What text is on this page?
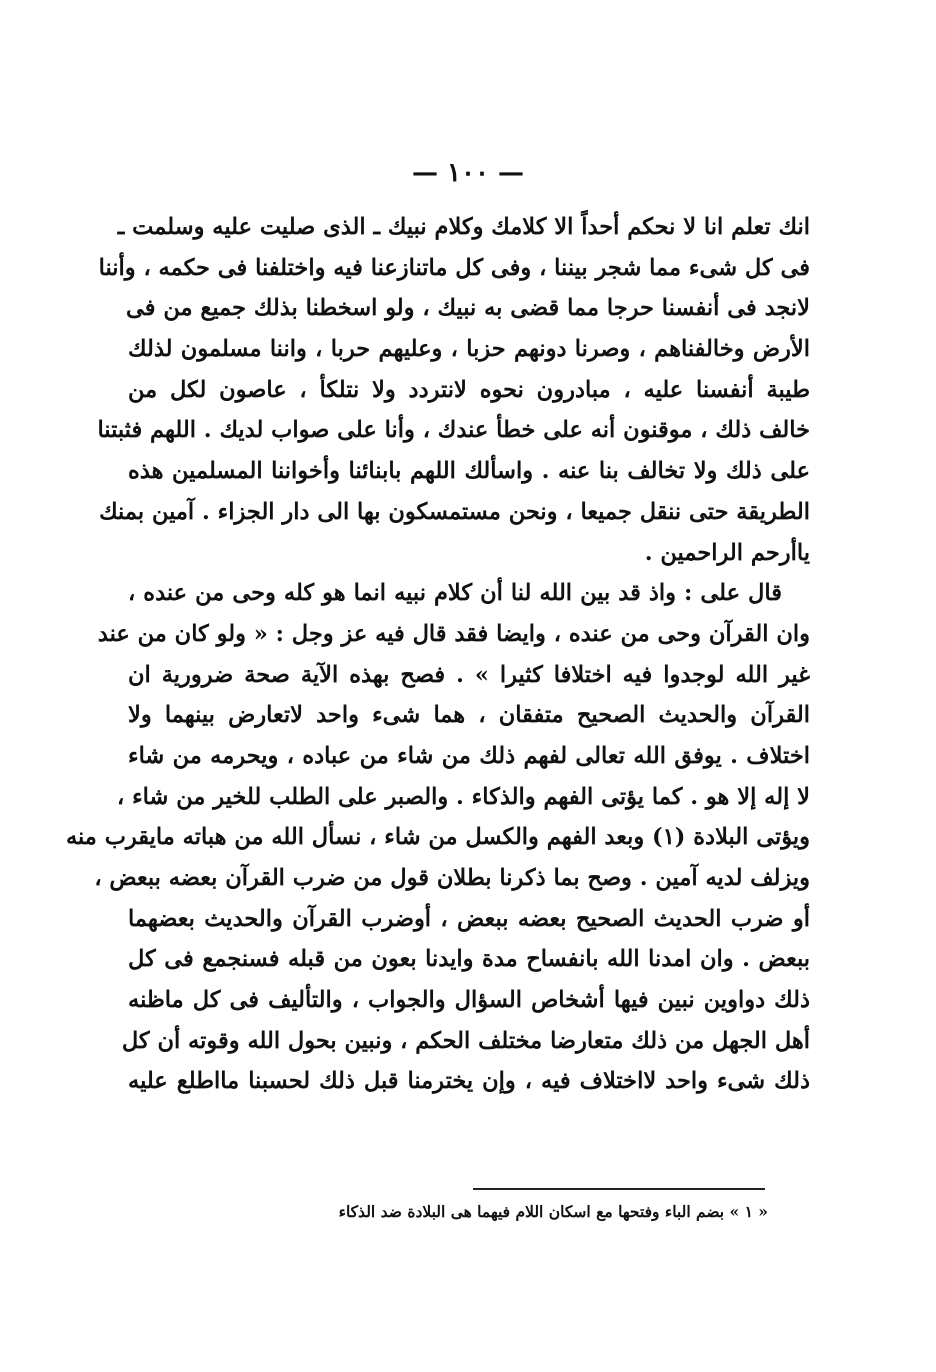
— ١٠٠ —
انك تعلم انا لا نحكم أحداً الا كلامك وكلام نبيك ـ الذى صليت عليه وسلمت ـ
فى كل شىء مما شجر بيننا ، وفى كل ماتنازعنا فيه واختلفنا فى حكمه ، وأننا
لانجد فى أنفسنا حرجا مما قضى به نبيك ، ولو اسخطنا بذلك جميع من فى
الأرض وخالفناهم ، وصرنا دونهم حزبا ، وعليهم حربا ، واننا مسلمون لذلك
طيبة أنفسنا عليه ، مبادرون نحوه لانتردد ولا نتلكأ ، عاصون لكل من
خالف ذلك ، موقنون أنه على خطأ عندك ، وأنا على صواب لديك . اللهم فثبتنا
على ذلك ولا تخالف بنا عنه . واسألك اللهم بابنائنا وأخواننا المسلمين هذه
الطريقة حتى ننقل جميعا ، ونحن مستمسكون بها الى دار الجزاء . آمين بمنك
ياأرحم الراحمين .
قال على : واذ قد بين الله لنا أن كلام نبيه انما هو كله وحى من عنده ،
وان القرآن وحى من عنده ، وايضا فقد قال فيه عز وجل : « ولو كان من عند
غير الله لوجدوا فيه اختلافا كثيرا » . فصح بهذه الآية صحة ضرورية ان
القرآن والحديث الصحيح متفقان ، هما شىء واحد لاتعارض بينهما ولا
اختلاف . يوفق الله تعالى لفهم ذلك من شاء من عباده ، ويحرمه من شاء
لا إله إلا هو . كما يؤتى الفهم والذكاء . والصبر على الطلب للخير من شاء ،
ويؤتى البلادة (١) وبعد الفهم والكسل من شاء ، نسأل الله من هباته مايقرب منه
ويزلف لديه آمين . وصح بما ذكرنا بطلان قول من ضرب القرآن بعضه ببعض ،
أو ضرب الحديث الصحيح بعضه ببعض ، أوضرب القرآن والحديث بعضهما
ببعض . وان امدنا الله بانفساح مدة وايدنا بعون من قبله فسنجمع فى كل
ذلك دواوين نبين فيها أشخاص السؤال والجواب ، والتأليف فى كل ماظنه
أهل الجهل من ذلك متعارضا مختلف الحكم ، ونبين بحول الله وقوته أن كل
ذلك شىء واحد لااختلاف فيه ، وإن يخترمنا قبل ذلك لحسبنا مااطلع عليه
« ١ » بضم الباء وفتحها مع اسكان اللام فيهما هى البلادة ضد الذكاء
